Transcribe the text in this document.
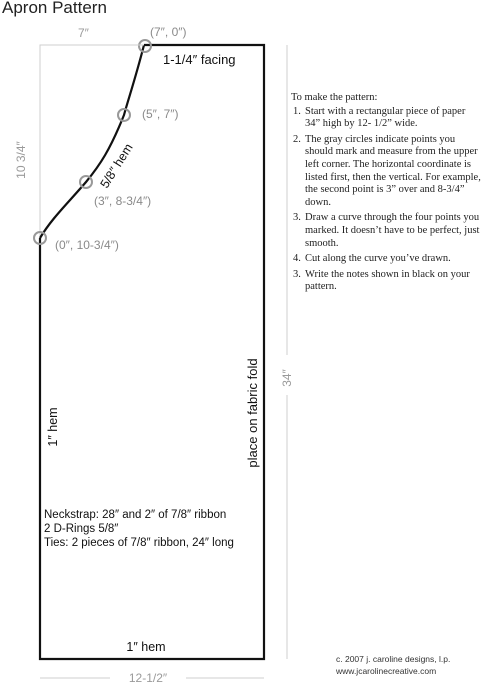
(7″, 0″)
(5″, 7″)
(3″, 8-3/4″)
(0″, 10-3/4″)
7″
10 3/4″
34″
12-1/2″
1-1/4″ facing
5/8″ hem
1″ hem	place on fabric fold
1″ hem
Apron Pattern
Neckstrap: 28″ and 2″ of 7/8″ ribbon
2 D-Rings 5/8″
Ties: 2 pieces of 7/8″ ribbon, 24″ long
To make the pattern:
1. Start with a rectangular piece of paper 34” high by 12- 1/2” wide.
2. The gray circles indicate points you should mark and measure from the upper left corner. The horizontal coordinate is listed first, then the vertical. For example, the second point is 3” over and 8-3/4” down.
3. Draw a curve through the four points you marked. It doesn’t have to be perfect, just smooth.
4. Cut along the curve you’ve drawn.
3. Write the notes shown in black on your pattern.
c. 2007 j. caroline designs, l.p.
www.jcarolinecreative.com
